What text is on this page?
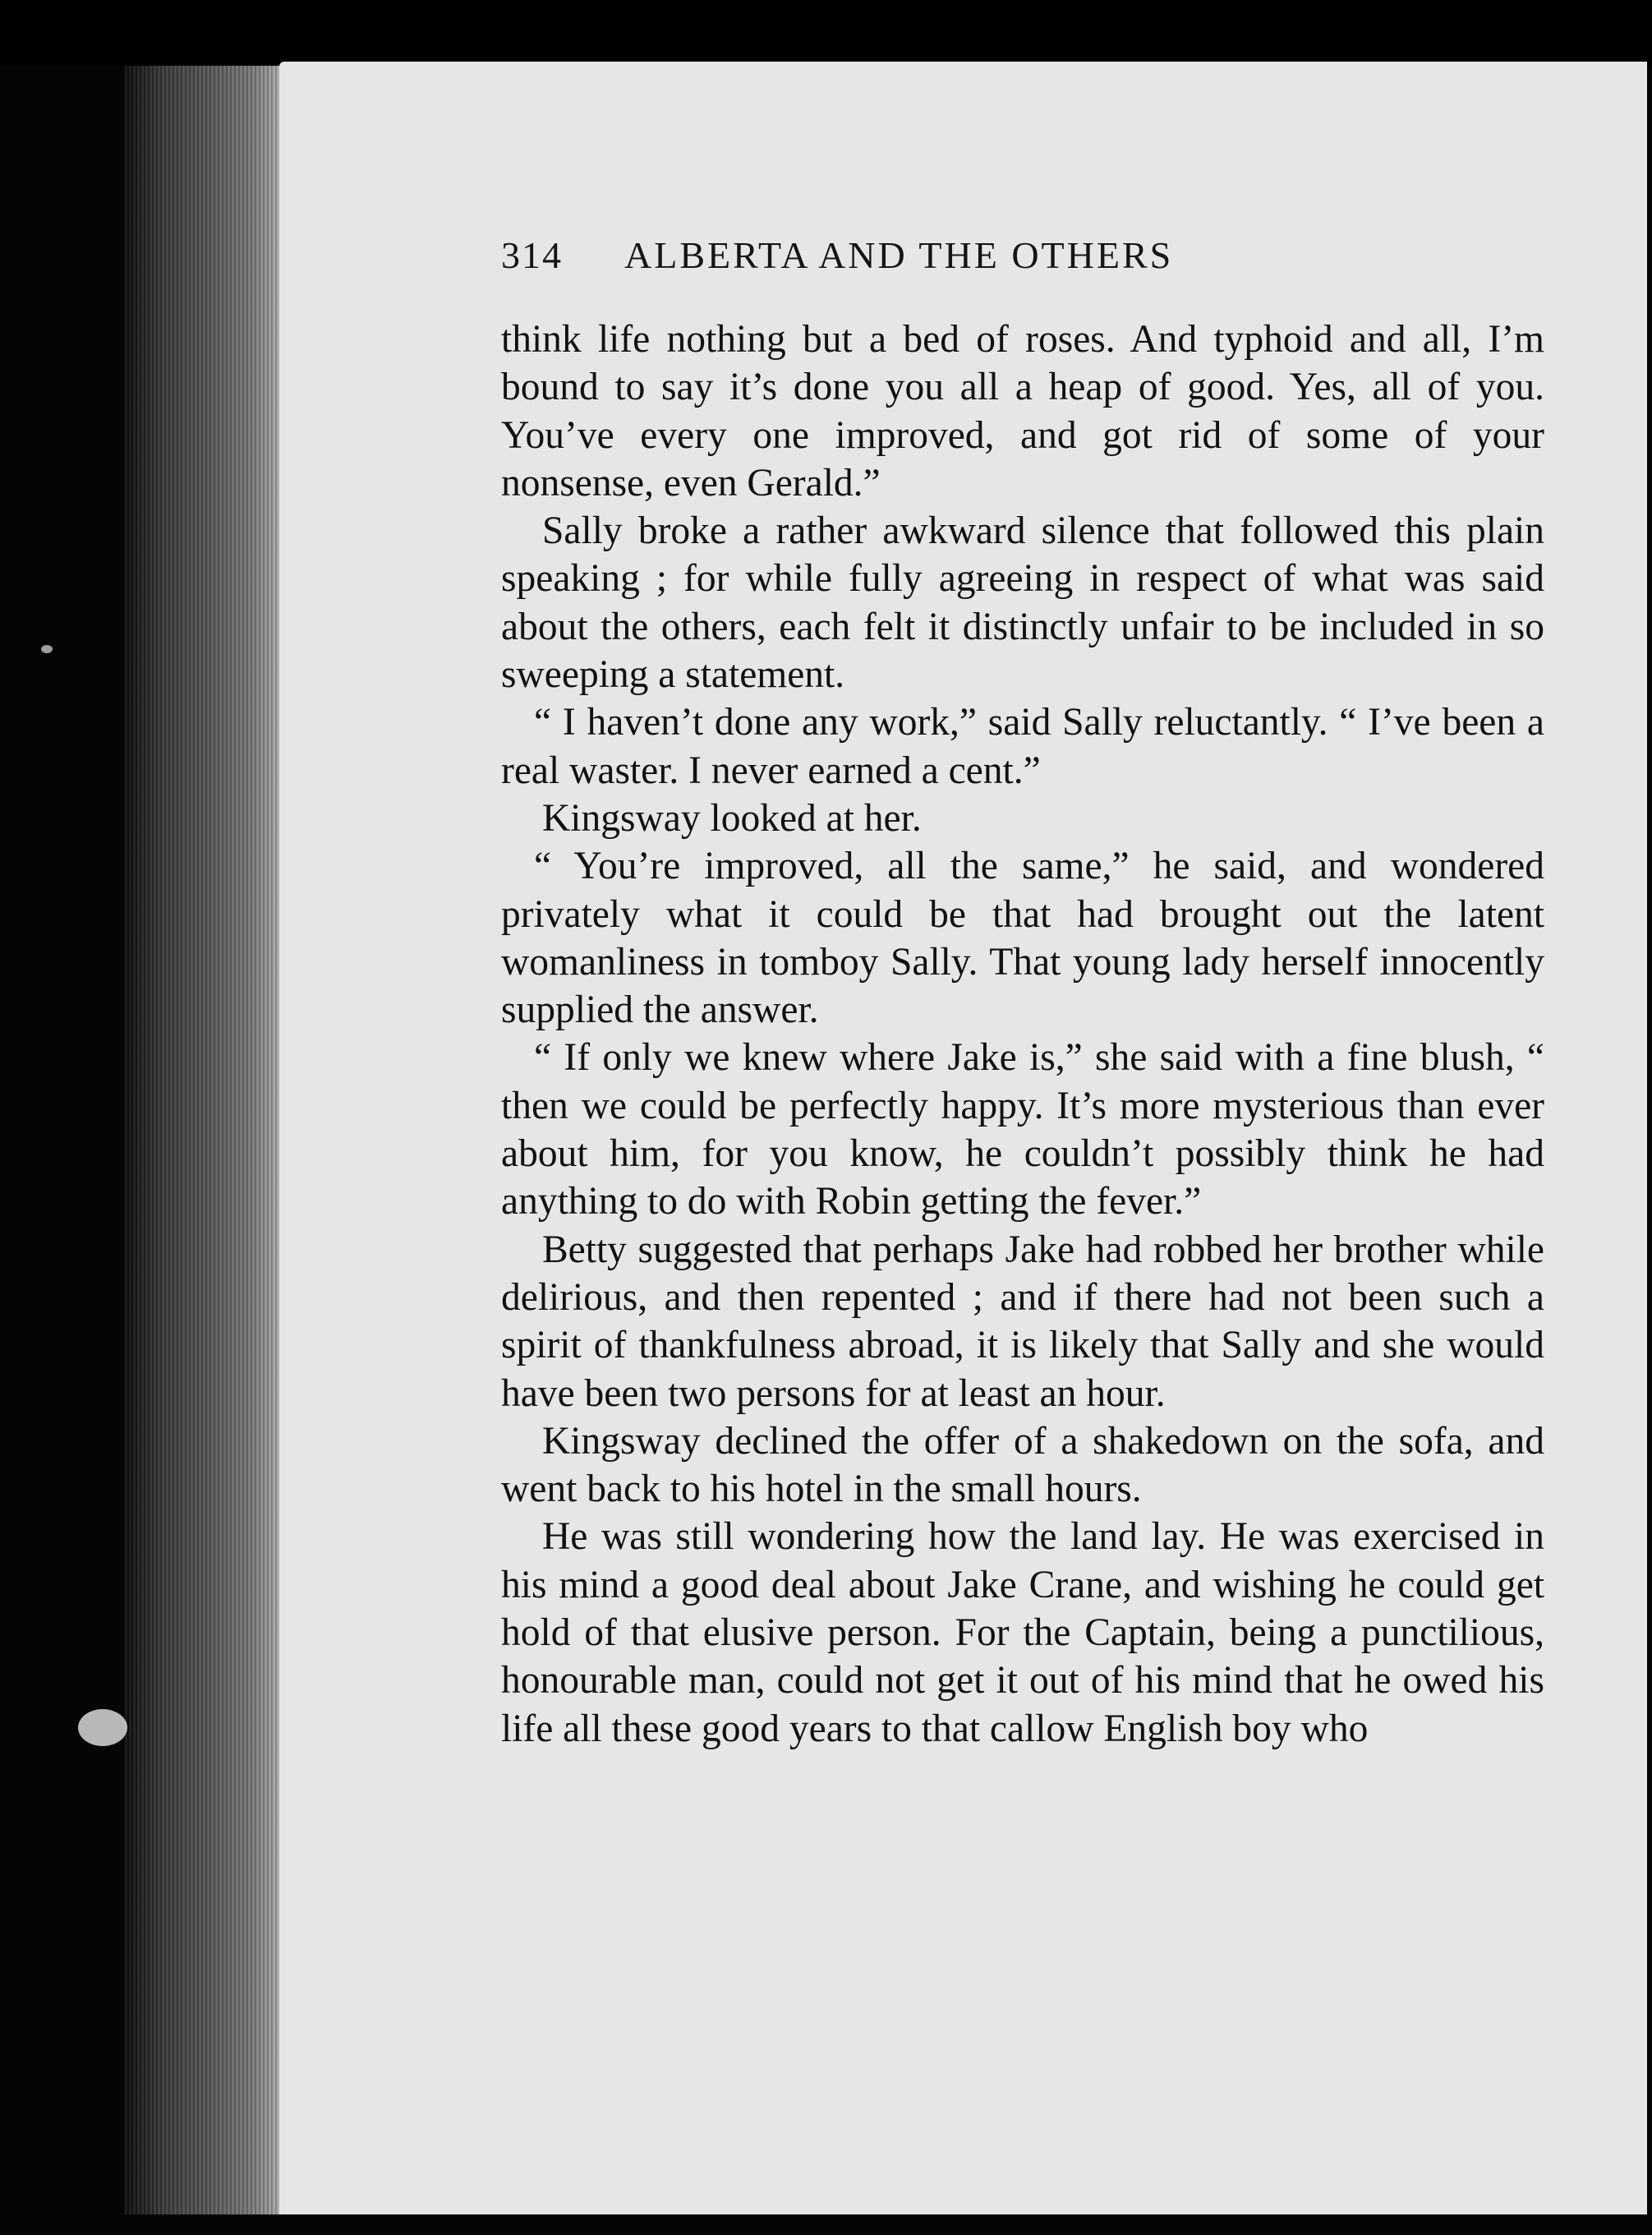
314	ALBERTA AND THE OTHERS

think life nothing but a bed of roses. And typhoid and all, I’m bound to say it’s done you all a heap of good. Yes, all of you. You’ve every one improved, and got rid of some of your nonsense, even Gerald.”

Sally broke a rather awkward silence that followed this plain speaking ; for while fully agreeing in respect of what was said about the others, each felt it distinctly unfair to be included in so sweeping a statement.

“ I haven’t done any work,” said Sally reluctantly. “ I’ve been a real waster. I never earned a cent.”

Kingsway looked at her.

“ You’re improved, all the same,” he said, and wondered privately what it could be that had brought out the latent womanliness in tomboy Sally. That young lady herself innocently supplied the answer.

“ If only we knew where Jake is,” she said with a fine blush, “ then we could be perfectly happy. It’s more mysterious than ever about him, for you know, he couldn’t possibly think he had anything to do with Robin getting the fever.”

Betty suggested that perhaps Jake had robbed her brother while delirious, and then repented ; and if there had not been such a spirit of thankfulness abroad, it is likely that Sally and she would have been two persons for at least an hour.

Kingsway declined the offer of a shakedown on the sofa, and went back to his hotel in the small hours.

He was still wondering how the land lay. He was exercised in his mind a good deal about Jake Crane, and wishing he could get hold of that elusive person. For the Captain, being a punctilious, honourable man, could not get it out of his mind that he owed his life all these good years to that callow English boy who
